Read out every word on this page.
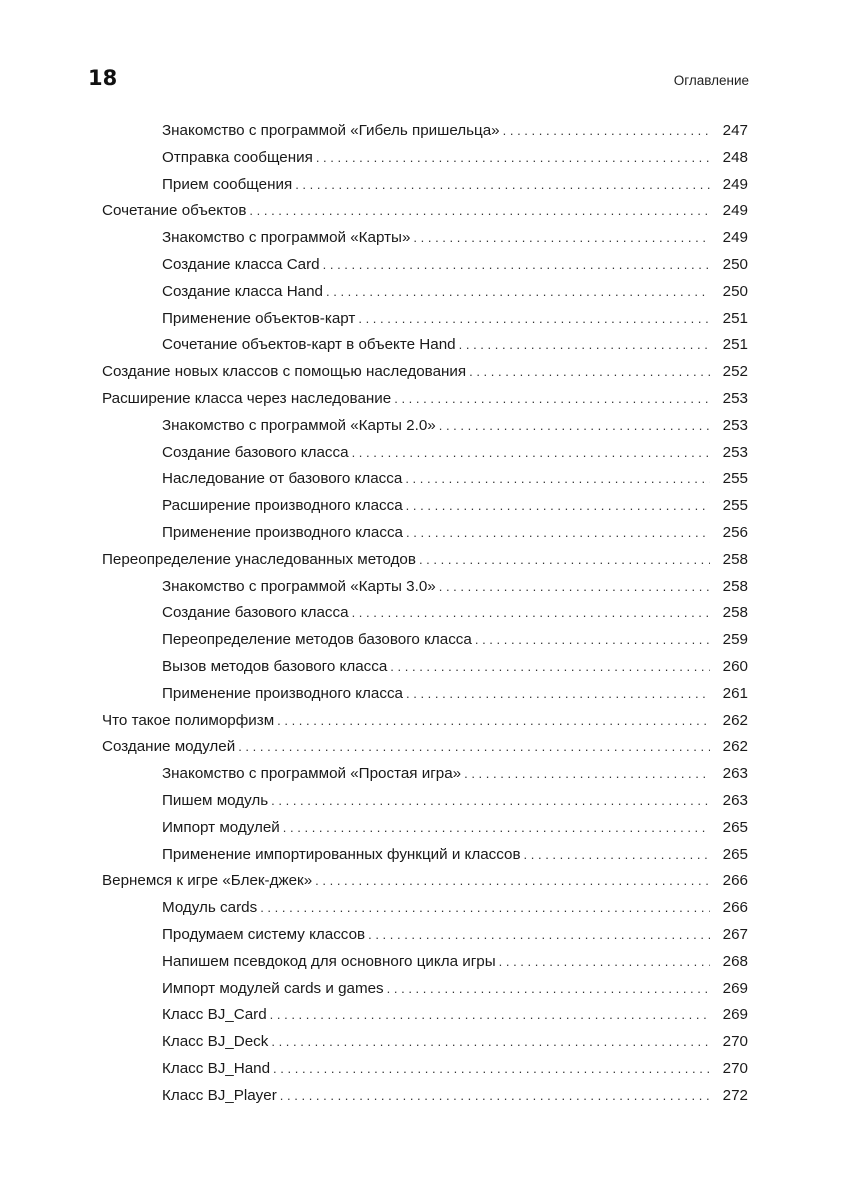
18	Оглавление
Знакомство с программой «Гибель пришельца» . . .	247
Отправка сообщения . . .	248
Прием сообщения . . .	249
Сочетание объектов . . .	249
Знакомство с программой «Карты» . . .	249
Создание класса Card . . .	250
Создание класса Hand . . .	250
Применение объектов-карт . . .	251
Сочетание объектов-карт в объекте Hand . . .	251
Создание новых классов с помощью наследования . . .	252
Расширение класса через наследование . . .	253
Знакомство с программой «Карты 2.0» . . .	253
Создание базового класса . . .	253
Наследование от базового класса . . .	255
Расширение производного класса . . .	255
Применение производного класса . . .	256
Переопределение унаследованных методов . . .	258
Знакомство с программой «Карты 3.0» . . .	258
Создание базового класса . . .	258
Переопределение методов базового класса . . .	259
Вызов методов базового класса . . .	260
Применение производного класса . . .	261
Что такое полиморфизм . . .	262
Создание модулей . . .	262
Знакомство с программой «Простая игра» . . .	263
Пишем модуль . . .	263
Импорт модулей . . .	265
Применение импортированных функций и классов . . .	265
Вернемся к игре «Блек-джек» . . .	266
Модуль cards . . .	266
Продумаем систему классов . . .	267
Напишем псевдокод для основного цикла игры . . .	268
Импорт модулей cards и games . . .	269
Класс BJ_Card . . .	269
Класс BJ_Deck . . .	270
Класс BJ_Hand . . .	270
Класс BJ_Player . . .	272
